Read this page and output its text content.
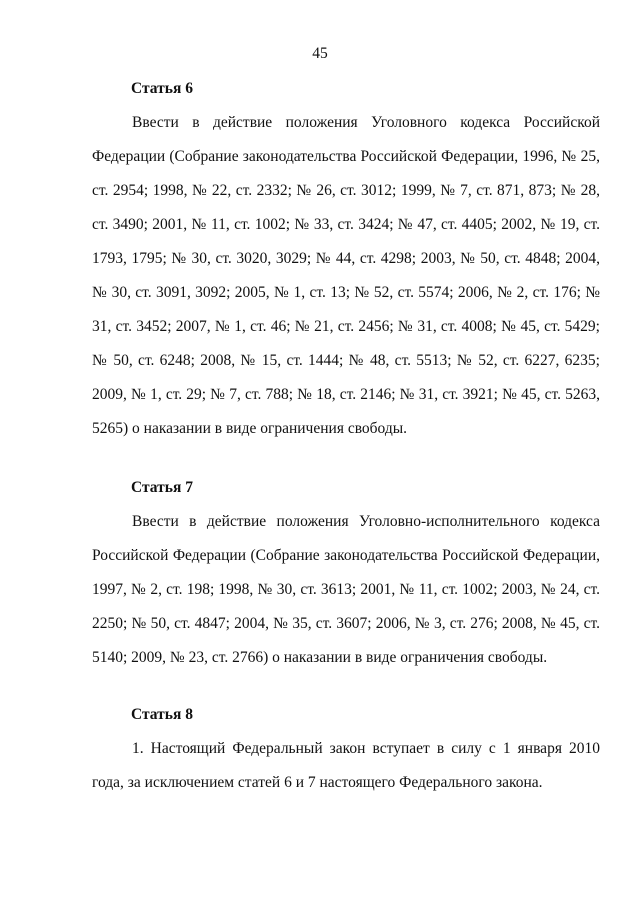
45
Статья 6

Ввести в действие положения Уголовного кодекса Российской Федерации (Собрание законодательства Российской Федерации, 1996, № 25, ст. 2954; 1998, № 22, ст. 2332; № 26, ст. 3012; 1999, № 7, ст. 871, 873; № 28, ст. 3490; 2001, № 11, ст. 1002; № 33, ст. 3424; № 47, ст. 4405; 2002, № 19, ст. 1793, 1795; № 30, ст. 3020, 3029; № 44, ст. 4298; 2003, № 50, ст. 4848; 2004, № 30, ст. 3091, 3092; 2005, № 1, ст. 13; № 52, ст. 5574; 2006, № 2, ст. 176; № 31, ст. 3452; 2007, № 1, ст. 46; № 21, ст. 2456; № 31, ст. 4008; № 45, ст. 5429; № 50, ст. 6248; 2008, № 15, ст. 1444; № 48, ст. 5513; № 52, ст. 6227, 6235; 2009, № 1, ст. 29; № 7, ст. 788; № 18, ст. 2146; № 31, ст. 3921; № 45, ст. 5263, 5265) о наказании в виде ограничения свободы.

Статья 7

Ввести в действие положения Уголовно-исполнительного кодекса Российской Федерации (Собрание законодательства Российской Федерации, 1997, № 2, ст. 198; 1998, № 30, ст. 3613; 2001, № 11, ст. 1002; 2003, № 24, ст. 2250; № 50, ст. 4847; 2004, № 35, ст. 3607; 2006, № 3, ст. 276; 2008, № 45, ст. 5140; 2009, № 23, ст. 2766) о наказании в виде ограничения свободы.

Статья 8

1. Настоящий Федеральный закон вступает в силу с 1 января 2010 года, за исключением статей 6 и 7 настоящего Федерального закона.
